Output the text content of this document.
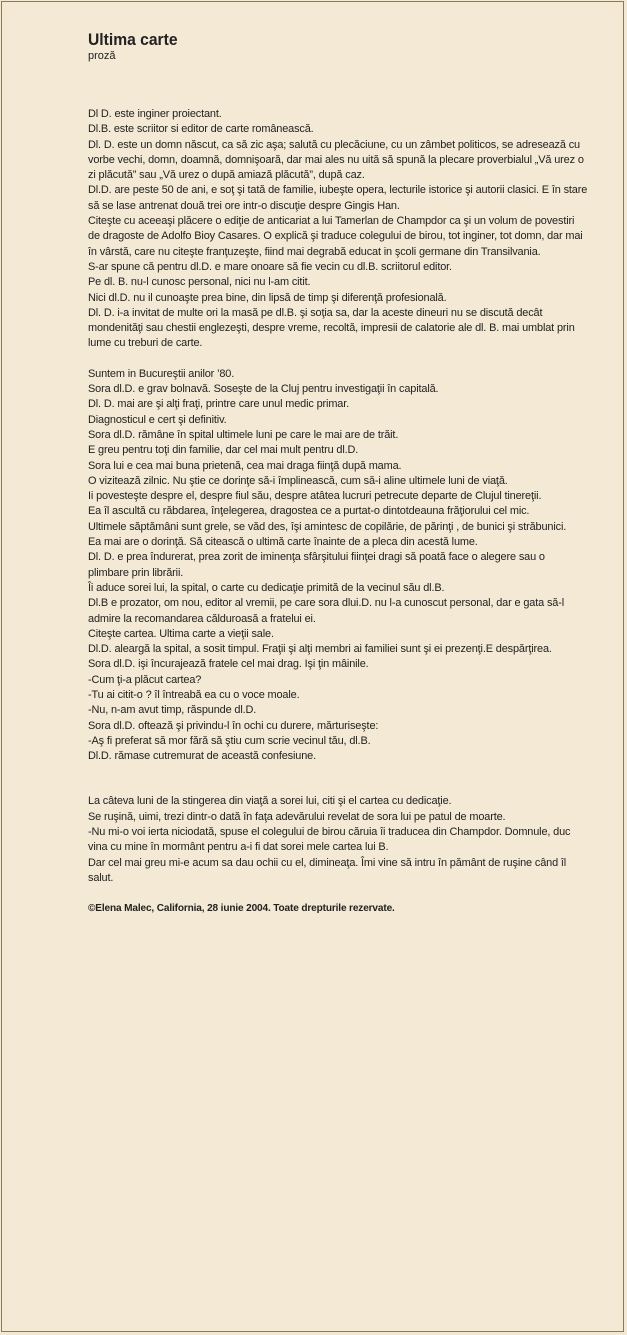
Ultima carte

proză

Dl D. este inginer proiectant.

Dl.B. este scriitor si editor de carte românească.

Dl. D. este un domn născut, ca să zic aşa; salută cu plecăciune, cu un zâmbet politicos, se adresează cu vorbe vechi, domn, doamnă, domnişoară, dar mai ales nu uită să spună la plecare proverbialul „Vă urez o zi plăcută” sau „Vă urez o după amiază plăcută”, după caz.

Dl.D. are peste 50 de ani, e soţ şi tată de familie, iubeşte opera, lecturile istorice şi autorii clasici. E în stare să se lase antrenat două trei ore intr-o discuţie despre Gingis Han.

Citeşte cu aceeaşi plăcere o ediţie de anticariat a lui Tamerlan de Champdor ca şi un volum de povestiri de dragoste de Adolfo Bioy Casares. O explică şi traduce colegului de birou, tot inginer, tot domn, dar mai în vârstă, care nu citeşte franţuzeşte, fiind mai degrabă educat in şcoli germane din Transilvania.

S-ar spune că pentru dl.D. e mare onoare să fie vecin cu dl.B. scriitorul editor.

Pe dl. B. nu-l cunosc personal, nici nu l-am citit.

Nici dl.D. nu il cunoaşte prea bine, din lipsă de timp şi diferenţă profesională.

Dl. D. i-a invitat de multe ori la masă pe dl.B. şi soţia sa, dar la aceste dineuri nu se discută decât mondenităţi sau chestii englezeşti, despre vreme, recoltă, impresii de calatorie ale dl. B. mai umblat prin lume cu treburi de carte.

Suntem in Bucureştii anilor ’80.

Sora dl.D. e grav bolnavă. Soseşte de la Cluj pentru investigaţii în capitală.

Dl. D. mai are şi alţi fraţi, printre care unul medic primar.

Diagnosticul e cert şi definitiv.

Sora dl.D. rămâne în spital ultimele luni pe care le mai are de trăit.

E greu pentru toţi din familie, dar cel mai mult pentru dl.D.

Sora lui e cea mai buna prietenă, cea mai draga fiinţă după mama.

O vizitează zilnic. Nu ştie ce dorinţe să-i împlinească, cum să-i aline ultimele luni de viaţă.

Ii povesteşte despre el, despre fiul său, despre atâtea lucruri petrecute departe de Clujul tinereţii.

Ea îl ascultă cu răbdarea, înţelegerea, dragostea ce a purtat-o dintotdeauna frăţiorului cel mic.

Ultimele săptămâni sunt grele, se văd des, îşi amintesc de copilărie, de părinţi , de bunici şi străbunici.

Ea mai are o dorinţă. Să citească o ultimă carte înainte de a pleca din acestă lume.

Dl. D. e prea îndurerat, prea zorit de iminenţa sfârşitului fiinţei dragi să poată face o alegere sau o plimbare prin librării.

Îi aduce sorei lui, la spital, o carte cu dedicaţie primită de la vecinul său dl.B.

Dl.B e prozator, om nou, editor al vremii, pe care sora dlui.D. nu l-a cunoscut personal, dar e gata să-l admire la recomandarea călduroasă a fratelui ei.

Citeşte cartea. Ultima carte a vieţii sale.

Dl.D. aleargă la spital, a sosit timpul. Fraţii şi alţi membri ai familiei sunt şi ei prezenţi.E despărţirea.

Sora dl.D. işi încurajează fratele cel mai drag. Işi ţin mâinile.

-Cum ţi-a plăcut cartea?

-Tu ai citit-o ? îl întreabă ea cu o voce moale.

-Nu, n-am avut timp, răspunde dl.D.

Sora dl.D. oftează şi privindu-l în ochi cu durere, mărturiseşte:

-Aş fi preferat să mor fără să ştiu cum scrie vecinul tău, dl.B.

Dl.D. rămase cutremurat de această confesiune.

La câteva luni de la stingerea din viaţă a sorei lui, citi şi el cartea cu dedicaţie.

Se ruşină, uimi, trezi dintr-o dată în faţa adevărului revelat de sora lui pe patul de moarte.

-Nu mi-o voi ierta niciodată, spuse el colegului de birou căruia îi traducea din Champdor. Domnule, duc vina cu mine în mormânt pentru a-i fi dat sorei mele cartea lui B.

Dar cel mai greu mi-e acum sa dau ochii cu el, dimineaţa. Îmi vine să intru în pământ de ruşine când îl salut.

©Elena Malec, California, 28 iunie 2004. Toate drepturile rezervate.
